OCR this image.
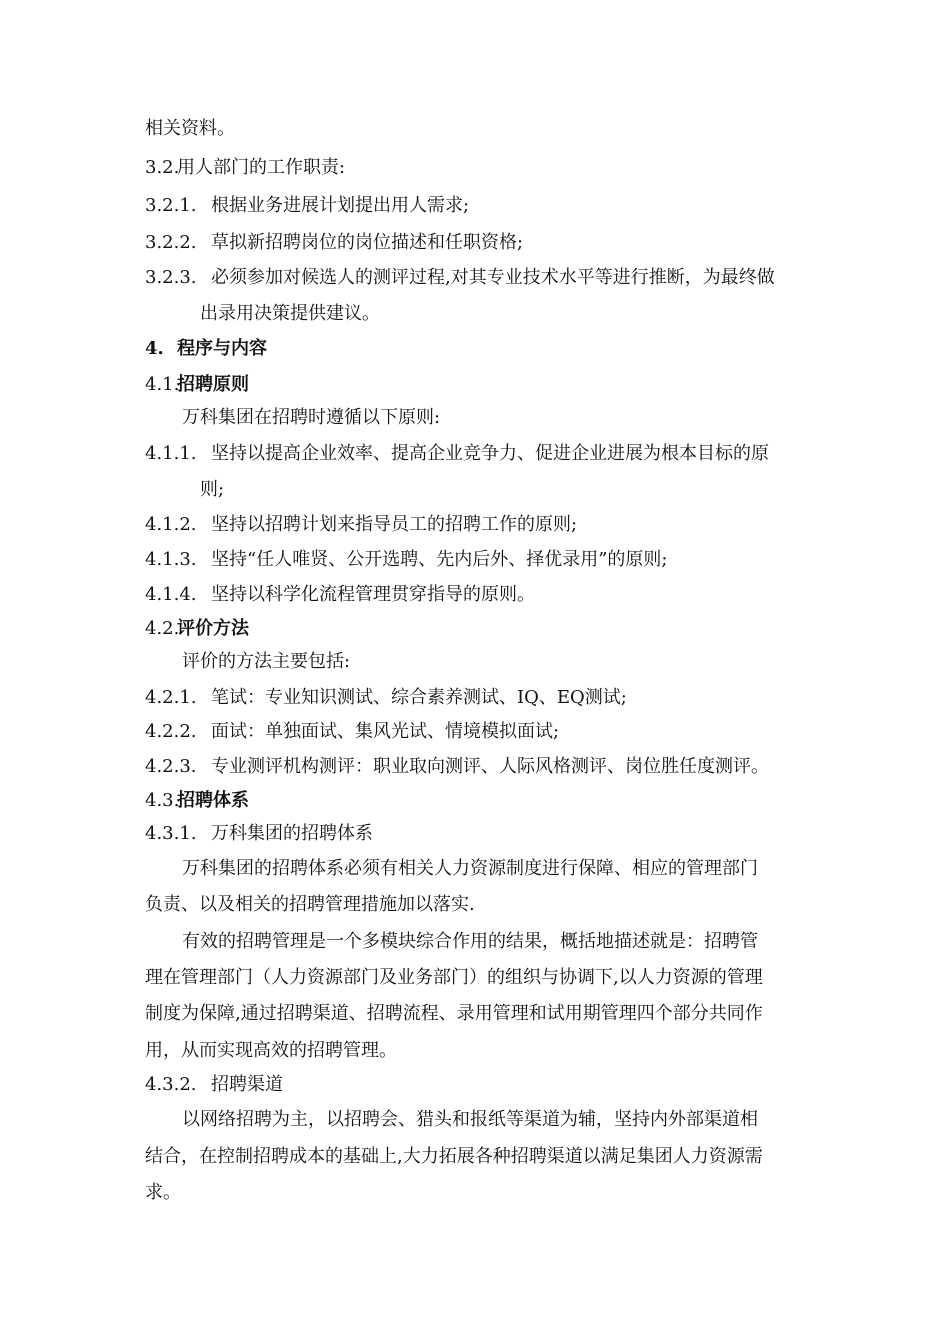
相关资料。
3.2.用人部门的工作职责:
3.2.1. 根据业务进展计划提出用人需求;
3.2.2. 草拟新招聘岗位的岗位描述和任职资格;
3.2.3. 必须参加对候选人的测评过程,对其专业技术水平等进行推断，为最终做
出录用决策提供建议。
4. 程序与内容
4.1.招聘原则
万科集团在招聘时遵循以下原则:
4.1.1. 坚持以提高企业效率、提高企业竞争力、促进企业进展为根本目标的原
则;
4.1.2. 坚持以招聘计划来指导员工的招聘工作的原则;
4.1.3. 坚持“任人唯贤、公开选聘、先内后外、择优录用”的原则;
4.1.4. 坚持以科学化流程管理贯穿指导的原则。
4.2.评价方法
评价的方法主要包括:
4.2.1. 笔试：专业知识测试、综合素养测试、IQ、EQ测试;
4.2.2. 面试：单独面试、集风光试、情境模拟面试;
4.2.3. 专业测评机构测评：职业取向测评、人际风格测评、岗位胜任度测评。
4.3.招聘体系
4.3.1. 万科集团的招聘体系
万科集团的招聘体系必须有相关人力资源制度进行保障、相应的管理部门
负责、以及相关的招聘管理措施加以落实.
有效的招聘管理是一个多模块综合作用的结果，概括地描述就是：招聘管
理在管理部门（人力资源部门及业务部门）的组织与协调下,以人力资源的管理
制度为保障,通过招聘渠道、招聘流程、录用管理和试用期管理四个部分共同作
用，从而实现高效的招聘管理。
4.3.2. 招聘渠道
以网络招聘为主，以招聘会、猎头和报纸等渠道为辅，坚持内外部渠道相
结合，在控制招聘成本的基础上,大力拓展各种招聘渠道以满足集团人力资源需
求。
